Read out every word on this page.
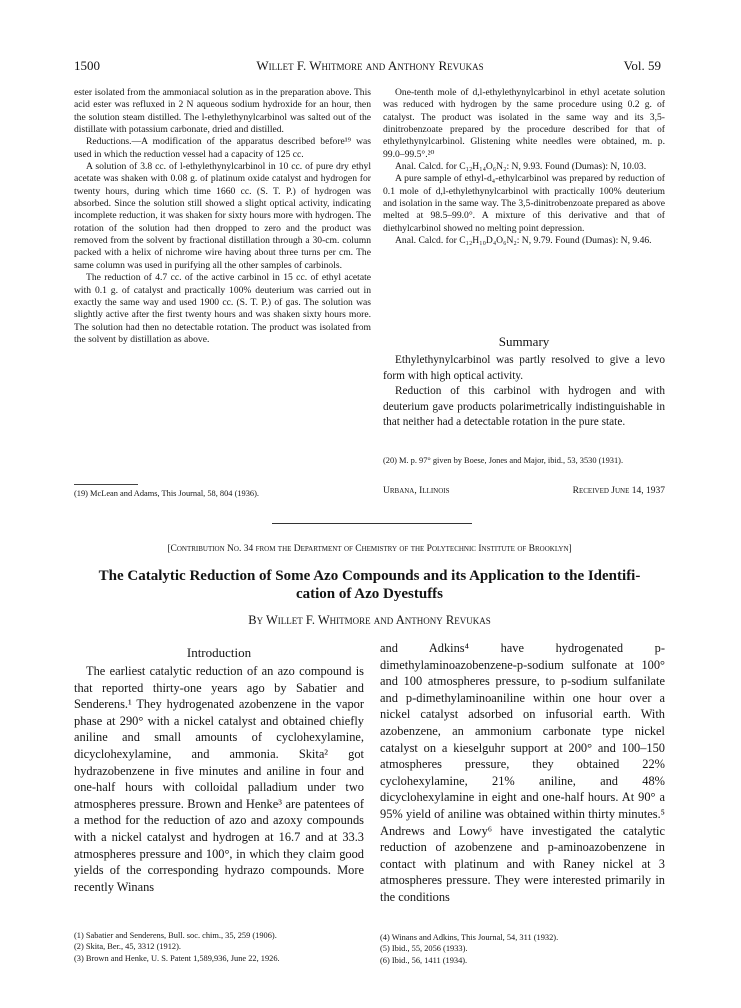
1500	Willet F. Whitmore and Anthony Revukas	Vol. 59

ester isolated from the ammoniacal solution as in the preparation above. This acid ester was refluxed in 2 N aqueous sodium hydroxide for an hour, then the solution steam distilled. The l-ethylethynylcarbinol was salted out of the distillate with potassium carbonate, dried and distilled.

Reductions.—A modification of the apparatus described before¹⁹ was used in which the reduction vessel had a capacity of 125 cc.

A solution of 3.8 cc. of l-ethylethynylcarbinol in 10 cc. of pure dry ethyl acetate was shaken with 0.08 g. of platinum oxide catalyst and hydrogen for twenty hours, during which time 1660 cc. (S. T. P.) of hydrogen was absorbed. Since the solution still showed a slight optical activity, indicating incomplete reduction, it was shaken for sixty hours more with hydrogen. The rotation of the solution had then dropped to zero and the product was removed from the solvent by fractional distillation through a 30-cm. column packed with a helix of nichrome wire having about three turns per cm. The same column was used in purifying all the other samples of carbinols.

The reduction of 4.7 cc. of the active carbinol in 15 cc. of ethyl acetate with 0.1 g. of catalyst and practically 100% deuterium was carried out in exactly the same way and used 1900 cc. (S. T. P.) of gas. The solution was slightly active after the first twenty hours and was shaken sixty hours more. The solution had then no detectable rotation. The product was isolated from the solvent by distillation as above.

(19) McLean and Adams, This Journal, 58, 804 (1936).

One-tenth mole of d,l-ethylethynylcarbinol in ethyl acetate solution was reduced with hydrogen by the same procedure using 0.2 g. of catalyst. The product was isolated in the same way and its 3,5-dinitrobenzoate prepared by the procedure described for that of ethylethynylcarbinol. Glistening white needles were obtained, m. p. 99.0–99.5°.²⁰

Anal. Calcd. for C₁₂H₁₄O₆N₂: N, 9.93. Found (Dumas): N, 10.03.

A pure sample of ethyl-d₄-ethylcarbinol was prepared by reduction of 0.1 mole of d,l-ethylethynylcarbinol with practically 100% deuterium and isolation in the same way. The 3,5-dinitrobenzoate prepared as above melted at 98.5–99.0°. A mixture of this derivative and that of diethylcarbinol showed no melting point depression.

Anal. Calcd. for C₁₂H₁₀D₄O₆N₂: N, 9.79. Found (Dumas): N, 9.46.

Summary

Ethylethynylcarbinol was partly resolved to give a levo form with high optical activity.

Reduction of this carbinol with hydrogen and with deuterium gave products polarimetrically indistinguishable in that neither had a detectable rotation in the pure state.

(20) M. p. 97° given by Boese, Jones and Major, ibid., 53, 3530 (1931).
Urbana, Illinois	Received June 14, 1937
[Contribution No. 34 from the Department of Chemistry of the Polytechnic Institute of Brooklyn]
The Catalytic Reduction of Some Azo Compounds and its Application to the Identifi-
cation of Azo Dyestuffs
By Willet F. Whitmore and Anthony Revukas
Introduction

The earliest catalytic reduction of an azo compound is that reported thirty-one years ago by Sabatier and Senderens.¹ They hydrogenated azobenzene in the vapor phase at 290° with a nickel catalyst and obtained chiefly aniline and small amounts of cyclohexylamine, dicyclohexylamine, and ammonia. Skita² got hydrazobenzene in five minutes and aniline in four and one-half hours with colloidal palladium under two atmospheres pressure. Brown and Henke³ are patentees of a method for the reduction of azo and azoxy compounds with a nickel catalyst and hydrogen at 16.7 and at 33.3 atmospheres pressure and 100°, in which they claim good yields of the corresponding hydrazo compounds. More recently Winans

(1) Sabatier and Senderens, Bull. soc. chim., 35, 259 (1906).
(2) Skita, Ber., 45, 3312 (1912).
(3) Brown and Henke, U. S. Patent 1,589,936, June 22, 1926.

and Adkins⁴ have hydrogenated p-dimethylaminoazobenzene-p-sodium sulfonate at 100° and 100 atmospheres pressure, to p-sodium sulfanilate and p-dimethylaminoaniline within one hour over a nickel catalyst adsorbed on infusorial earth. With azobenzene, an ammonium carbonate type nickel catalyst on a kieselguhr support at 200° and 100–150 atmospheres pressure, they obtained 22% cyclohexylamine, 21% aniline, and 48% dicyclohexylamine in eight and one-half hours. At 90° a 95% yield of aniline was obtained within thirty minutes.⁵ Andrews and Lowy⁶ have investigated the catalytic reduction of azobenzene and p-aminoazobenzene in contact with platinum and with Raney nickel at 3 atmospheres pressure. They were interested primarily in the conditions

(4) Winans and Adkins, This Journal, 54, 311 (1932).
(5) Ibid., 55, 2056 (1933).
(6) Ibid., 56, 1411 (1934).
